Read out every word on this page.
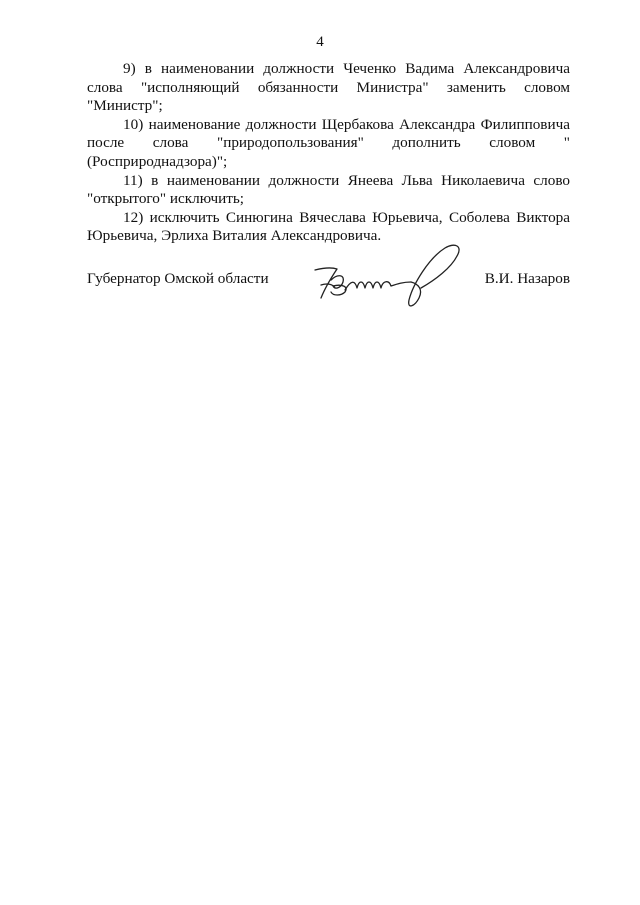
4

9) в наименовании должности Чеченко Вадима Александровича слова "исполняющий обязанности Министра" заменить словом "Министр";

10) наименование должности Щербакова Александра Филипповича после слова "природопользования" дополнить словом "(Росприроднадзора)";

11) в наименовании должности Янеева Льва Николаевича слово "открытого" исключить;

12) исключить Синюгина Вячеслава Юрьевича, Соболева Виктора Юрьевича, Эрлиха Виталия Александровича.

Губернатор Омской области	В.И. Назаров
